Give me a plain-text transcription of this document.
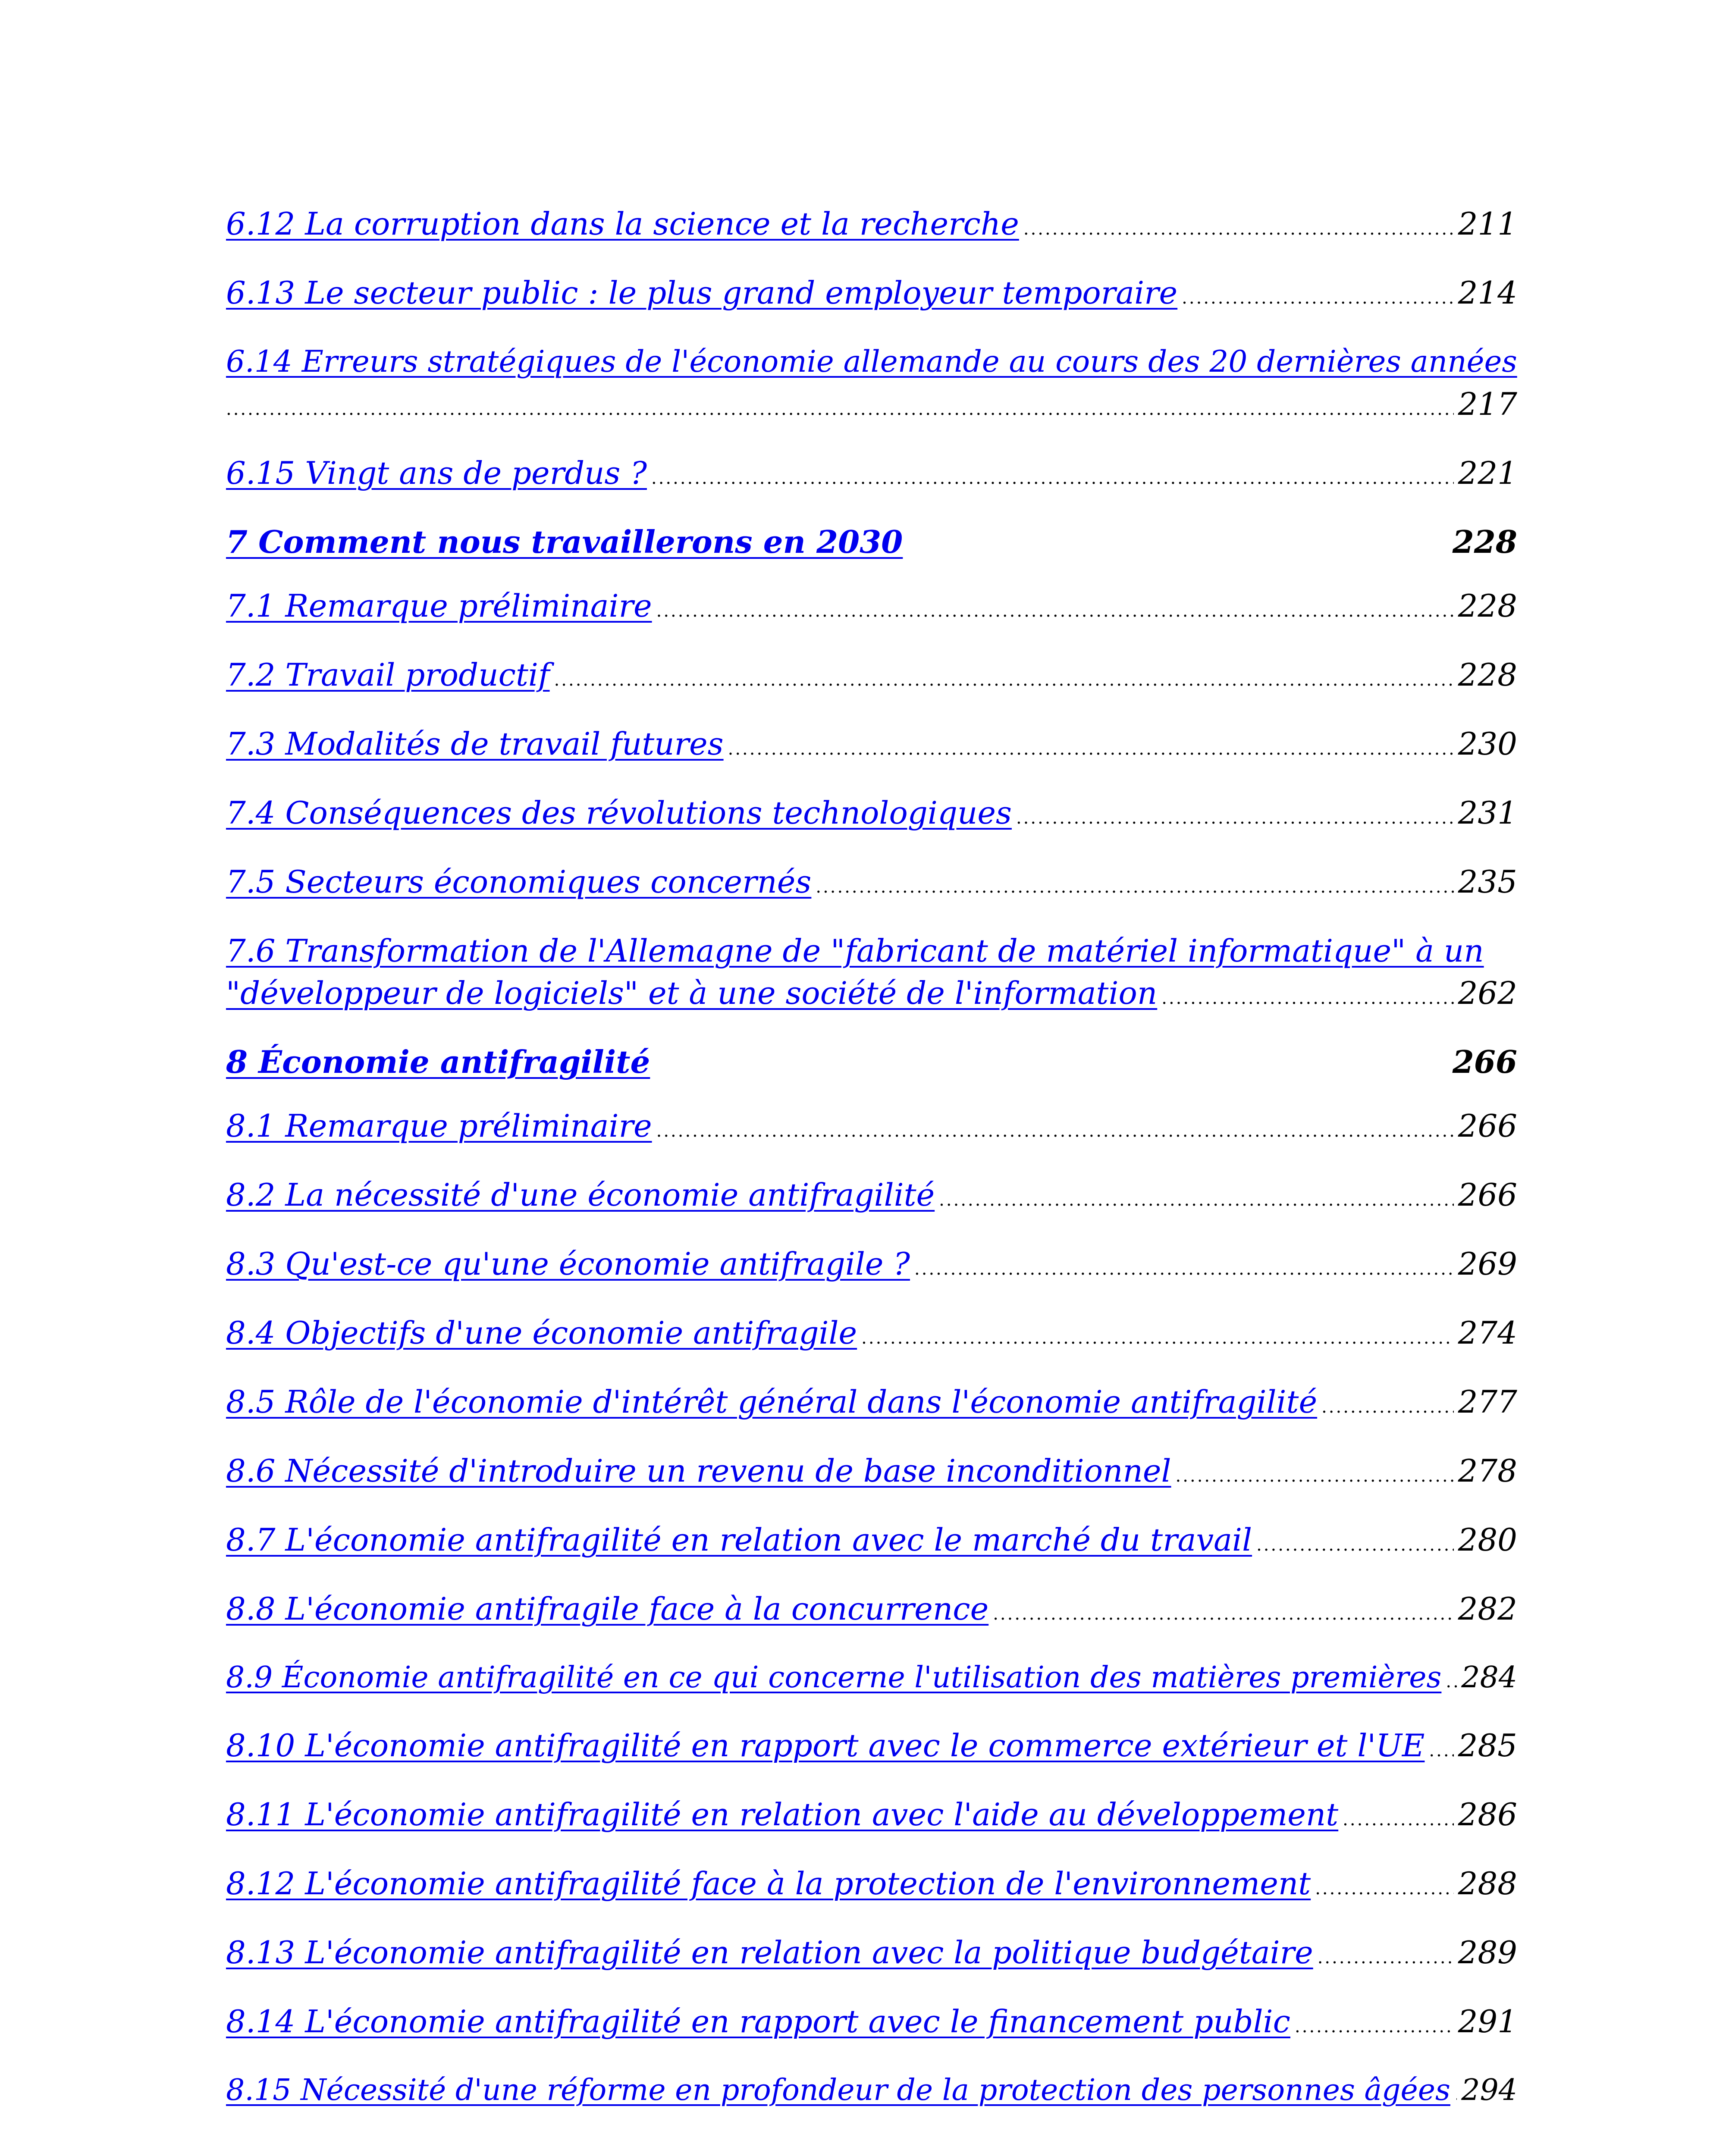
6.12 La corruption dans la science et la recherche .....	211
6.13 Le secteur public : le plus grand employeur temporaire .....	214
6.14 Erreurs stratégiques de l'économie allemande au cours des 20 dernières années
.....
217
6.15 Vingt ans de perdus ? .....	221
7 Comment nous travaillerons en 2030	228
7.1 Remarque préliminaire .....	228
7.2 Travail productif .....	228
7.3 Modalités de travail futures .....	230
7.4 Conséquences des révolutions technologiques .....	231
7.5 Secteurs économiques concernés .....	235
7.6 Transformation de l'Allemagne de "fabricant de matériel informatique" à un
"développeur de logiciels" et à une société de l'information .....	262
8 Économie antifragilité	266
8.1 Remarque préliminaire .....	266
8.2 La nécessité d'une économie antifragilité .....	266
8.3 Qu'est-ce qu'une économie antifragile ? .....	269
8.4 Objectifs d'une économie antifragile .....	274
8.5 Rôle de l'économie d'intérêt général dans l'économie antifragilité .....	277
8.6 Nécessité d'introduire un revenu de base inconditionnel .....	278
8.7 L'économie antifragilité en relation avec le marché du travail .....	280
8.8 L'économie antifragile face à la concurrence .....	282
8.9 Économie antifragilité en ce qui concerne l'utilisation des matières premières ..... 284
8.10 L'économie antifragilité en rapport avec le commerce extérieur et l'UE ..... 285
8.11 L'économie antifragilité en relation avec l'aide au développement .....	286
8.12 L'économie antifragilité face à la protection de l'environnement .....	288
8.13 L'économie antifragilité en relation avec la politique budgétaire .....	289
8.14 L'économie antifragilité en rapport avec le financement public .....	291
8.15 Nécessité d'une réforme en profondeur de la protection des personnes âgées ..... 294
